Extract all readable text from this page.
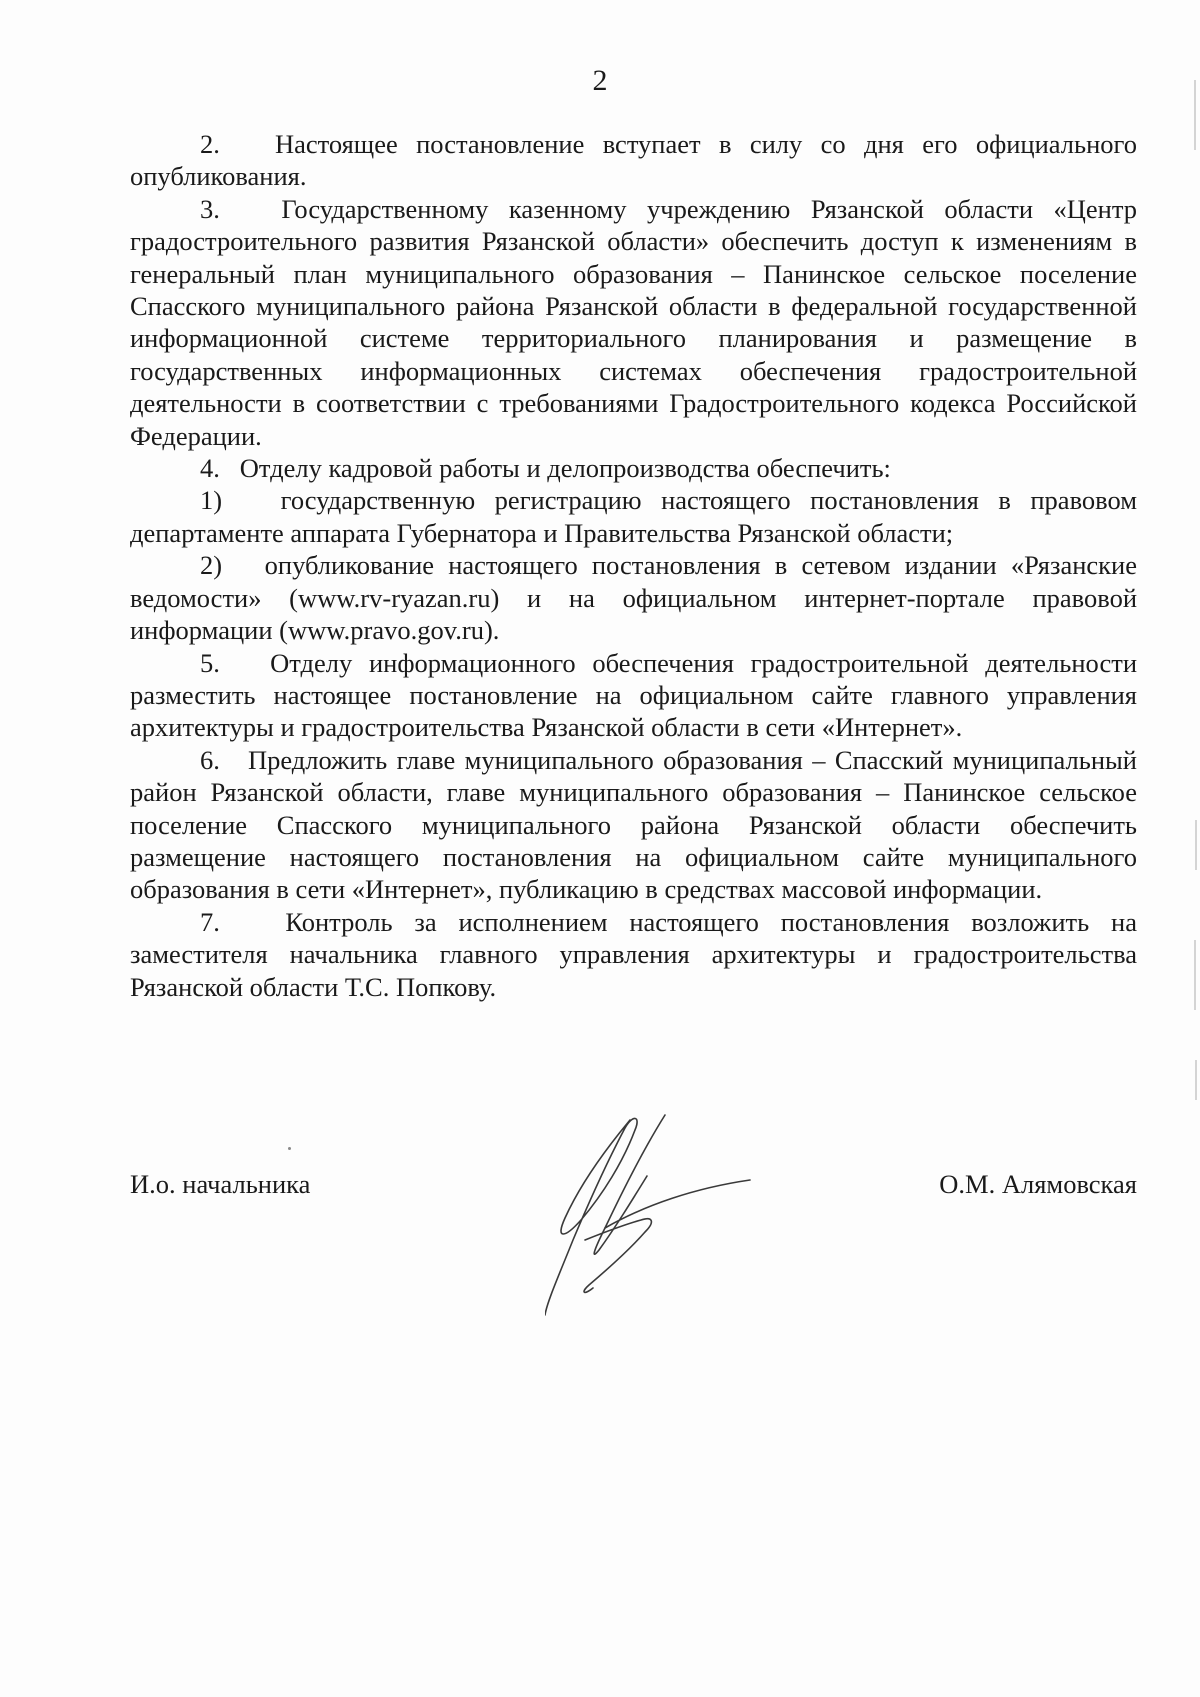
2

2.   Настоящее постановление вступает в силу со дня его официального опубликования.

3.   Государственному казенному учреждению Рязанской области «Центр градостроительного развития Рязанской области» обеспечить доступ к изменениям в генеральный план муниципального образования – Панинское сельское поселение Спасского муниципального района Рязанской области в федеральной государственной информационной системе территориального планирования и размещение в государственных информационных системах обеспечения градостроительной деятельности в соответствии с требованиями Градостроительного кодекса Российской Федерации.

4.   Отделу кадровой работы и делопроизводства обеспечить:

1)   государственную регистрацию настоящего постановления в правовом департаменте аппарата Губернатора и Правительства Рязанской области;

2)   опубликование настоящего постановления в сетевом издании «Рязанские ведомости» (www.rv-ryazan.ru) и на официальном интернет-портале правовой информации (www.pravo.gov.ru).

5.   Отделу информационного обеспечения градостроительной деятельности разместить настоящее постановление на официальном сайте главного управления архитектуры и градостроительства Рязанской области в сети «Интернет».

6.   Предложить главе муниципального образования – Спасский муниципальный район Рязанской области, главе муниципального образования – Панинское сельское поселение Спасского муниципального района Рязанской области обеспечить размещение настоящего постановления на официальном сайте муниципального образования в сети «Интернет», публикацию в средствах массовой информации.

7.   Контроль за исполнением настоящего постановления возложить на заместителя начальника главного управления архитектуры и градостроительства Рязанской области Т.С. Попкову.

И.о. начальника	О.М. Алямовская
